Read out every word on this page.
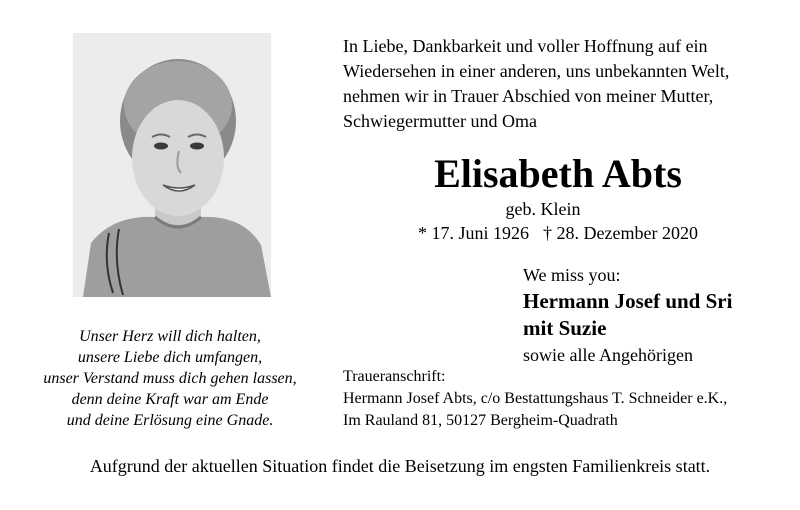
In Liebe, Dankbarkeit und voller Hoffnung auf ein
Wiedersehen in einer anderen, uns unbekannten Welt,
nehmen wir in Trauer Abschied von meiner Mutter,
Schwiegermutter und Oma
Elisabeth Abts
geb. Klein
* 17. Juni 1926 † 28. Dezember 2020
We miss you:
Hermann Josef und Sri
mit Suzie
sowie alle Angehörigen
Unser Herz will dich halten,
unsere Liebe dich umfangen,
unser Verstand muss dich gehen lassen,
denn deine Kraft war am Ende
und deine Erlösung eine Gnade.
Traueranschrift:
Hermann Josef Abts, c/o Bestattungshaus T. Schneider e.K.,
Im Rauland 81, 50127 Bergheim-Quadrath
Aufgrund der aktuellen Situation findet die Beisetzung im engsten Familienkreis statt.
